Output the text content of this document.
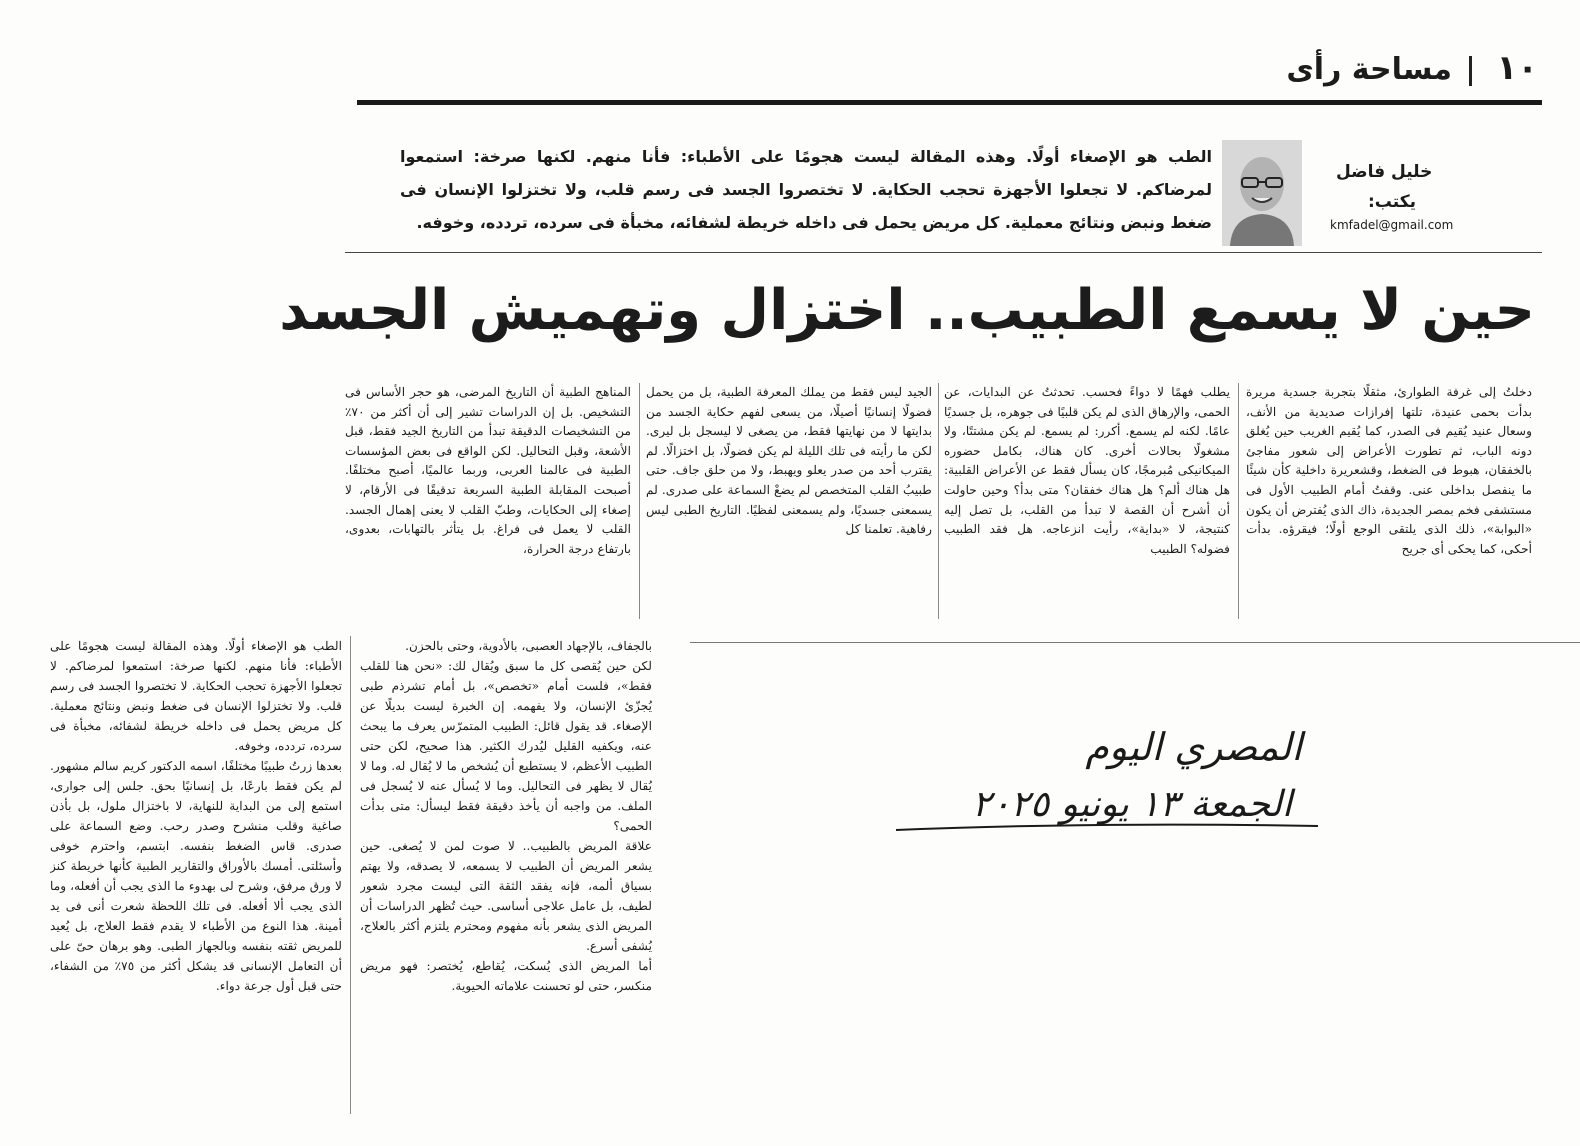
١٠
مساحة رأى
خليل فاضل
يكتب:
kmfadel@gmail.com
الطب هو الإصغاء أولًا. وهذه المقالة ليست هجومًا على الأطباء: فأنا منهم. لكنها صرخة: استمعوا لمرضاكم. لا تجعلوا الأجهزة تحجب الحكاية. لا تختصروا الجسد فى رسم قلب، ولا تختزلوا الإنسان فى ضغط ونبض ونتائج معملية. كل مريض يحمل فى داخله خريطة لشفائه، مخبأة فى سرده، تردده، وخوفه.
حين لا يسمع الطبيب.. اختزال وتهميش الجسد
دخلتُ إلى غرفة الطوارئ، مثقلًا بتجربة جسدية مريرة بدأت بحمى عنيدة، تلتها إفرازات صديدية من الأنف، وسعال عنيد يُقيم فى الصدر، كما يُقيم الغريب حين يُغلق دونه الباب، ثم تطورت الأعراض إلى شعور مفاجئ بالخفقان، هبوط فى الضغط، وقشعريرة داخلية كأن شيئًا ما ينفصل بداخلى عنى. وقفتُ أمام الطبيب الأول فى مستشفى فخم بمصر الجديدة، ذاك الذى يُفترض أن يكون «البوابة»، ذلك الذى يلتقى الوجع أولًا؛ فيقرؤه. بدأت أحكى، كما يحكى أى جريح
يطلب فهمًا لا دواءً فحسب. تحدثتُ عن البدايات، عن الحمى، والإرهاق الذى لم يكن قلبيًا فى جوهره، بل جسديًا عامًا. لكنه لم يسمع. أكرر: لم يسمع. لم يكن مشتتًا، ولا مشغولًا بحالات أخرى. كان هناك، بكامل حضوره الميكانيكى مُبرمجًا، كان يسأل فقط عن الأعراض القلبية: هل هناك ألم؟ هل هناك خفقان؟ متى بدأ؟ وحين حاولت أن أشرح أن القصة لا تبدأ من القلب، بل تصل إليه كنتيجة، لا «بداية»، رأيت انزعاجه. هل فقد الطبيب فضوله؟ الطبيب
الجيد ليس فقط من يملك المعرفة الطبية، بل من يحمل فضولًا إنسانيًا أصيلًا، من يسعى لفهم حكاية الجسد من بدايتها لا من نهايتها فقط، من يصغى لا ليسجل بل ليرى. لكن ما رأيته فى تلك الليلة لم يكن فضولًا، بل اختزالًا. لم يقترب أحد من صدر يعلو ويهبط، ولا من حلق جاف. حتى طبيبُ القلب المتخصص لم يضعْ السماعة على صدرى. لم يسمعنى جسديًا، ولم يسمعنى لفظيًا. التاريخ الطبى ليس رفاهية. تعلمنا كل
المناهج الطبية أن التاريخ المرضى، هو حجر الأساس فى التشخيص. بل إن الدراسات تشير إلى أن أكثر من ٧٠٪ من التشخيصات الدقيقة تبدأ من التاريخ الجيد فقط، قبل الأشعة، وقبل التحاليل. لكن الواقع فى بعض المؤسسات الطبية فى عالمنا العربى، وربما عالميًا، أصبح مختلفًا. أصبحت المقابلة الطبية السريعة تدقيقًا فى الأرقام، لا إصغاء إلى الحكايات، وطبّ القلب لا يعنى إهمال الجسد. القلب لا يعمل فى فراغ. بل يتأثر بالتهابات، بعدوى، بارتفاع درجة الحرارة،

بالجفاف، بالإجهاد العصبى، بالأدوية، وحتى بالحزن.

لكن حين يُقصى كل ما سبق ويُقال لك: «نحن هنا للقلب فقط»، فلست أمام «تخصص»، بل أمام تشرذم طبى يُجزّئ الإنسان، ولا يفهمه. إن الخبرة ليست بديلًا عن الإصغاء. قد يقول قائل: الطبيب المتمرّس يعرف ما يبحث عنه، ويكفيه القليل ليُدرك الكثير. هذا صحيح، لكن حتى الطبيب الأعظم، لا يستطيع أن يُشخص ما لا يُقال له. وما لا يُقال لا يظهر فى التحاليل. وما لا يُسأل عنه لا يُسجل فى الملف. من واجبه أن يأخذ دقيقة فقط ليسأل: متى بدأت الحمى؟

علاقة المريض بالطبيب.. لا صوت لمن لا يُصغى. حين يشعر المريض أن الطبيب لا يسمعه، لا يصدقه، ولا يهتم بسياق ألمه، فإنه يفقد الثقة التى ليست مجرد شعور لطيف، بل عامل علاجى أساسى. حيث تُظهر الدراسات أن المريض الذى يشعر بأنه مفهوم ومحترم يلتزم أكثر بالعلاج، يُشفى أسرع.

أما المريض الذى يُسكت، يُقاطع، يُختصر: فهو مريض منكسر، حتى لو تحسنت علاماته الحيوية.

الطب هو الإصغاء أولًا. وهذه المقالة ليست هجومًا على الأطباء: فأنا منهم. لكنها صرخة: استمعوا لمرضاكم. لا تجعلوا الأجهزة تحجب الحكاية. لا تختصروا الجسد فى رسم قلب. ولا تختزلوا الإنسان فى ضغط ونبض ونتائج معملية. كل مريض يحمل فى داخله خريطة لشفائه، مخبأة فى سرده، تردده، وخوفه.

بعدها زرتُ طبيبًا مختلفًا، اسمه الدكتور كريم سالم مشهور. لم يكن فقط بارعًا، بل إنسانيًا بحق. جلس إلى جوارى، استمع إلى من البداية للنهاية، لا باختزال ملول، بل بأذن صاغية وقلب منشرح وصدر رحب. وضع السماعة على صدرى. قاس الضغط بنفسه. ابتسم، واحترم خوفى وأسئلتى. أمسك بالأوراق والتقارير الطبية كأنها خريطة كنز لا ورق مرفق، وشرح لى بهدوء ما الذى يجب أن أفعله، وما الذى يجب ألا أفعله. فى تلك اللحظة شعرت أنى فى يد أمينة. هذا النوع من الأطباء لا يقدم فقط العلاج، بل يُعيد للمريض ثقته بنفسه وبالجهاز الطبى. وهو برهان حىّ على أن التعامل الإنسانى قد يشكل أكثر من ٧٥٪ من الشفاء، حتى قبل أول جرعة دواء.

المصري اليوم
الجمعة ١٣ يونيو ٢٠٢٥
